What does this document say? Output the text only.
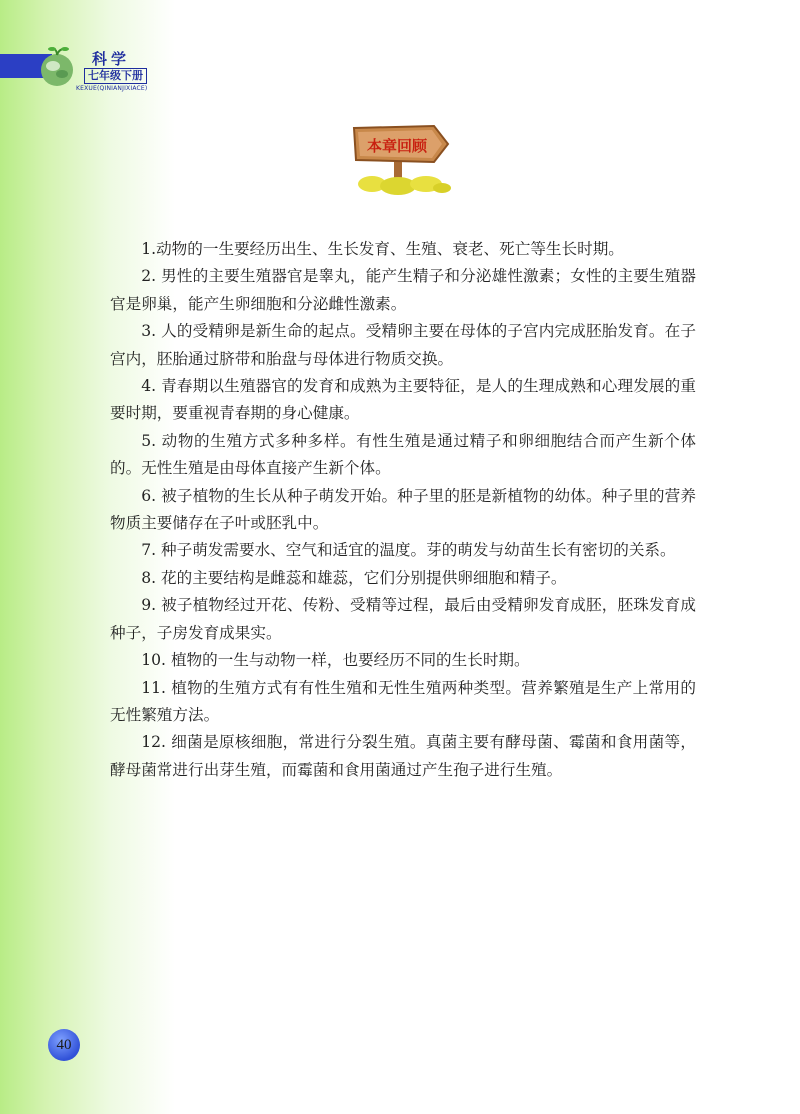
科学
七年级下册
KEXUE(QINIANJIXIACE)
本章回顾

1.动物的一生要经历出生、生长发育、生殖、衰老、死亡等生长时期。

2. 男性的主要生殖器官是睾丸，能产生精子和分泌雄性激素；女性的主要生殖器官是卵巢，能产生卵细胞和分泌雌性激素。

3. 人的受精卵是新生命的起点。受精卵主要在母体的子宫内完成胚胎发育。在子宫内，胚胎通过脐带和胎盘与母体进行物质交换。

4. 青春期以生殖器官的发育和成熟为主要特征，是人的生理成熟和心理发展的重要时期，要重视青春期的身心健康。

5. 动物的生殖方式多种多样。有性生殖是通过精子和卵细胞结合而产生新个体的。无性生殖是由母体直接产生新个体。

6. 被子植物的生长从种子萌发开始。种子里的胚是新植物的幼体。种子里的营养物质主要储存在子叶或胚乳中。

7. 种子萌发需要水、空气和适宜的温度。芽的萌发与幼苗生长有密切的关系。

8. 花的主要结构是雌蕊和雄蕊，它们分别提供卵细胞和精子。

9. 被子植物经过开花、传粉、受精等过程，最后由受精卵发育成胚，胚珠发育成种子，子房发育成果实。

10. 植物的一生与动物一样，也要经历不同的生长时期。

11. 植物的生殖方式有有性生殖和无性生殖两种类型。营养繁殖是生产上常用的无性繁殖方法。

12. 细菌是原核细胞，常进行分裂生殖。真菌主要有酵母菌、霉菌和食用菌等，酵母菌常进行出芽生殖，而霉菌和食用菌通过产生孢子进行生殖。

40
